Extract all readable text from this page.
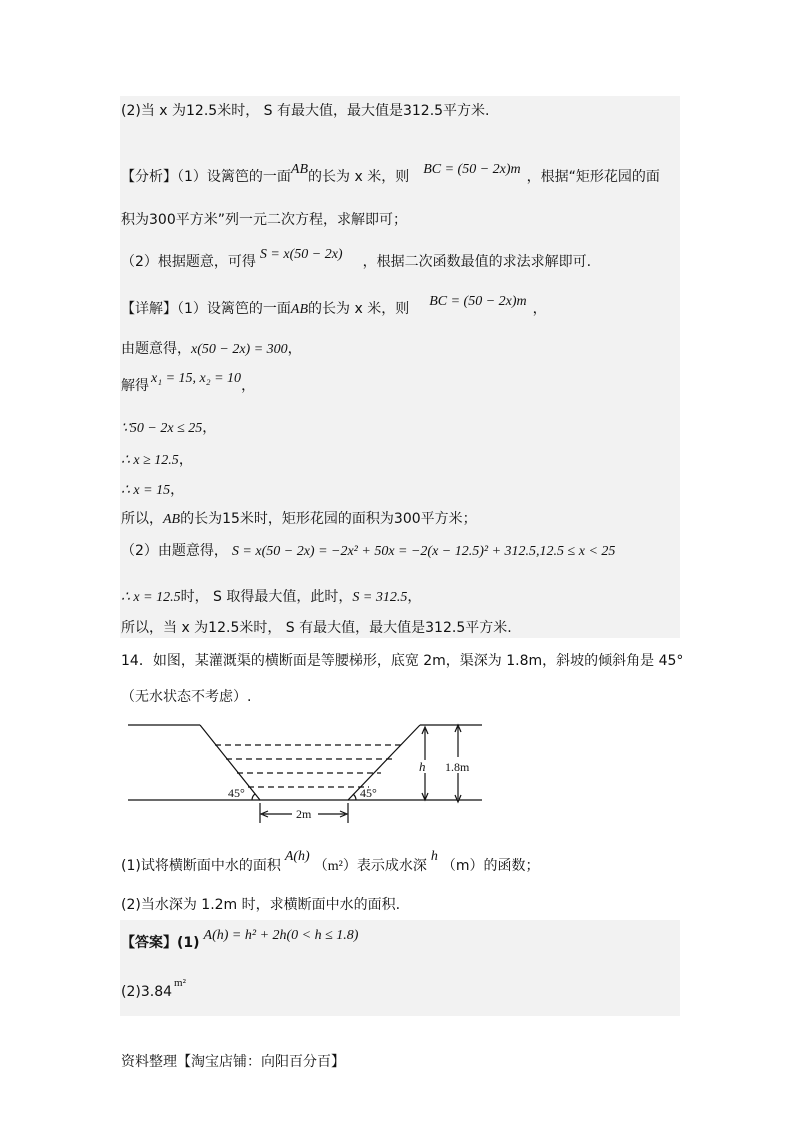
(2)当 x 为12.5米时， S 有最大值，最大值是312.5平方米.
【分析】（1）设篱笆的一面AB的长为 x 米，则 BC = (50 − 2x)m ，根据“矩形花园的面
积为300平方米”列一元二次方程，求解即可；
（2）根据题意，可得 S = x(50 − 2x) ，根据二次函数最值的求法求解即可.
【详解】（1）设篱笆的一面AB的长为 x 米，则 BC = (50 − 2x)m ，
由题意得，x(50 − 2x) = 300，
解得 x₁ = 15, x₂ = 10，
∵50 − 2x ≤ 25，
∴ x ≥ 12.5，
∴ x = 15，
所以，AB的长为15米时，矩形花园的面积为300平方米；
（2）由题意得， S = x(50 − 2x) = −2x² + 50x = −2(x − 12.5)² + 312.5,12.5 ≤ x < 25
∴ x = 12.5时， S 取得最大值，此时，S = 312.5，
所以，当 x 为12.5米时， S 有最大值，最大值是312.5平方米.
14．如图，某灌溉渠的横断面是等腰梯形，底宽 2m，渠深为 1.8m，斜坡的倾斜角是 45°
（无水状态不考虑）.
45°	45°
2m
h 1.8m
(1)试将横断面中水的面积A(h)（m²）表示成水深h（m）的函数；
(2)当水深为 1.2m 时，求横断面中水的面积.
【答案】(1) A(h) = h² + 2h(0 < h ≤ 1.8)
$(2)3.84^{m^2}$
资料整理【淘宝店铺：向阳百分百】
